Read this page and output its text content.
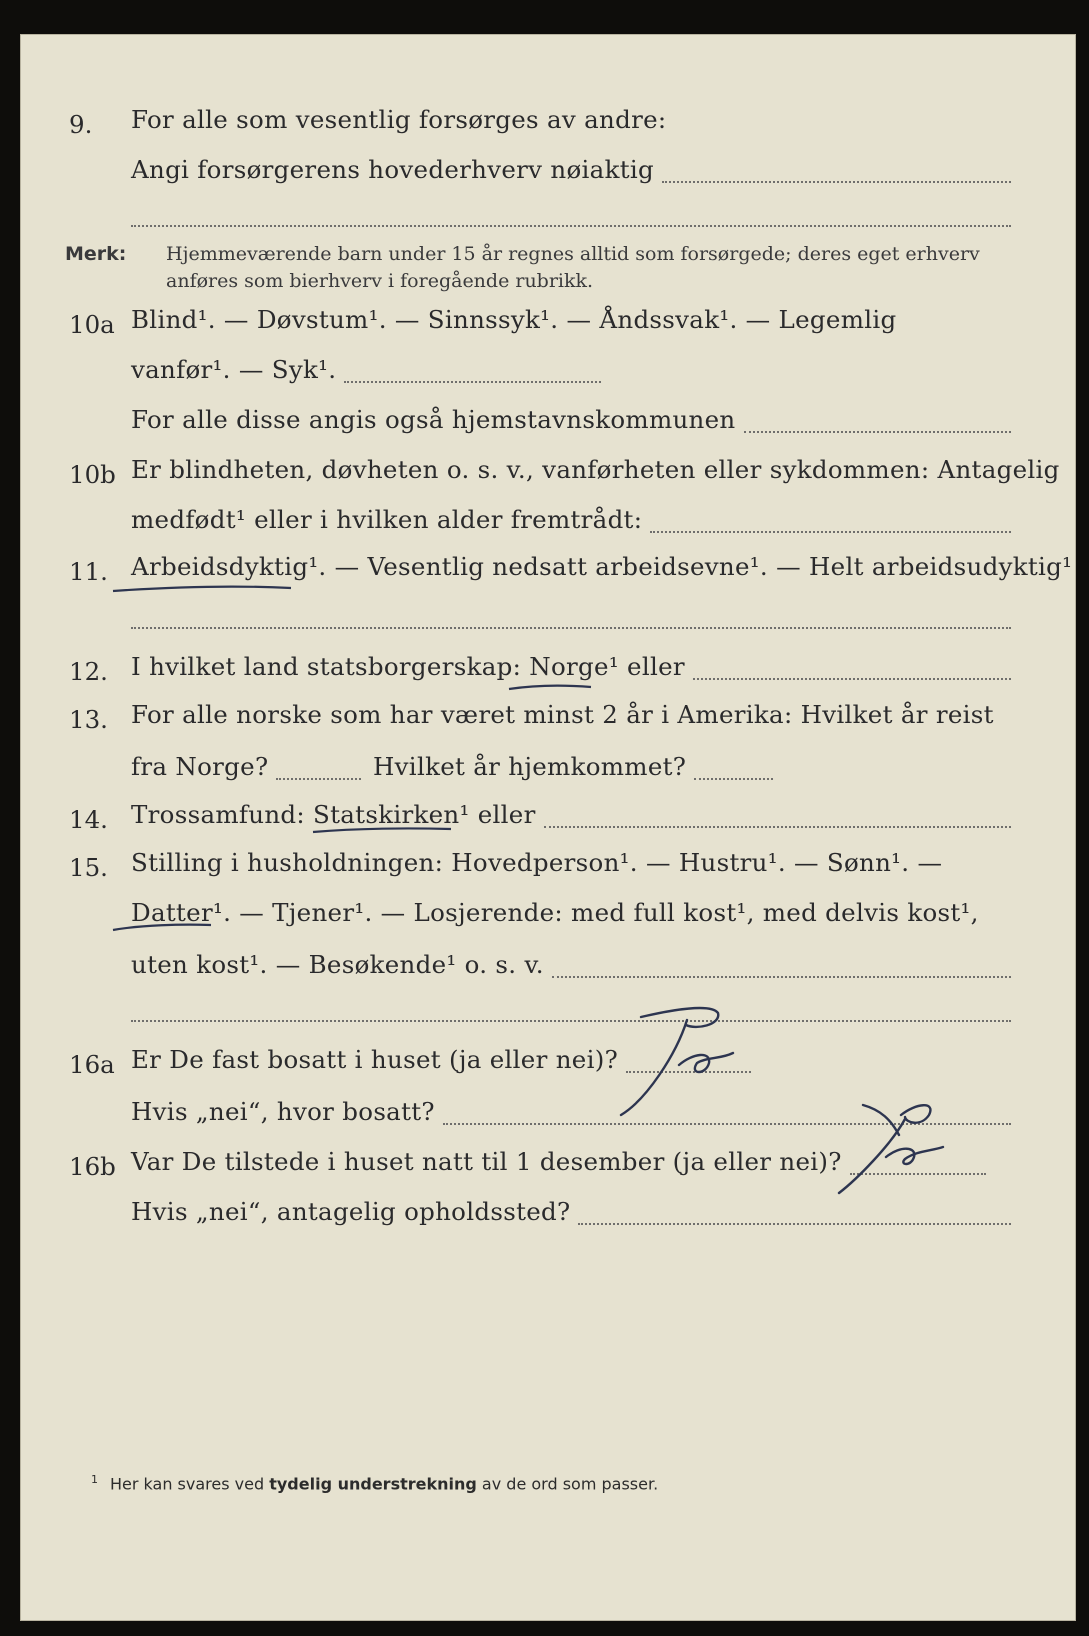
9. For alle som vesentlig forsørges av andre:
Angi forsørgerens hovederhverv nøiaktig
Merk: Hjemmeværende barn under 15 år regnes alltid som forsørgede; deres eget erhverv
anføres som bierhverv i foregående rubrikk.
10a Blind¹. — Døvstum¹. — Sinnssyk¹. — Åndssvak¹. — Legemlig
vanfør¹. — Syk¹.
For alle disse angis også hjemstavnskommunen
10b Er blindheten, døvheten o. s. v., vanførheten eller sykdommen: Antagelig
medfødt¹ eller i hvilken alder fremtrådt:
11. Arbeidsdyktig¹. — Vesentlig nedsatt arbeidsevne¹. — Helt arbeidsudyktig¹
12. I hvilket land statsborgerskap: Norge¹ eller
13. For alle norske som har været minst 2 år i Amerika: Hvilket år reist
fra Norge?	Hvilket år hjemkommet?
14. Trossamfund: Statskirken¹ eller
15. Stilling i husholdningen: Hovedperson¹. — Hustru¹. — Sønn¹. —
Datter¹. — Tjener¹. — Losjerende: med full kost¹, med delvis kost¹,
uten kost¹. — Besøkende¹ o. s. v.
16a Er De fast bosatt i huset (ja eller nei)?
Hvis „nei“, hvor bosatt?
16b Var De tilstede i huset natt til 1 desember (ja eller nei)?
Hvis „nei“, antagelig opholdssted?
$^1$ Her kan svares ved tydelig understrekning av de ord som passer.
